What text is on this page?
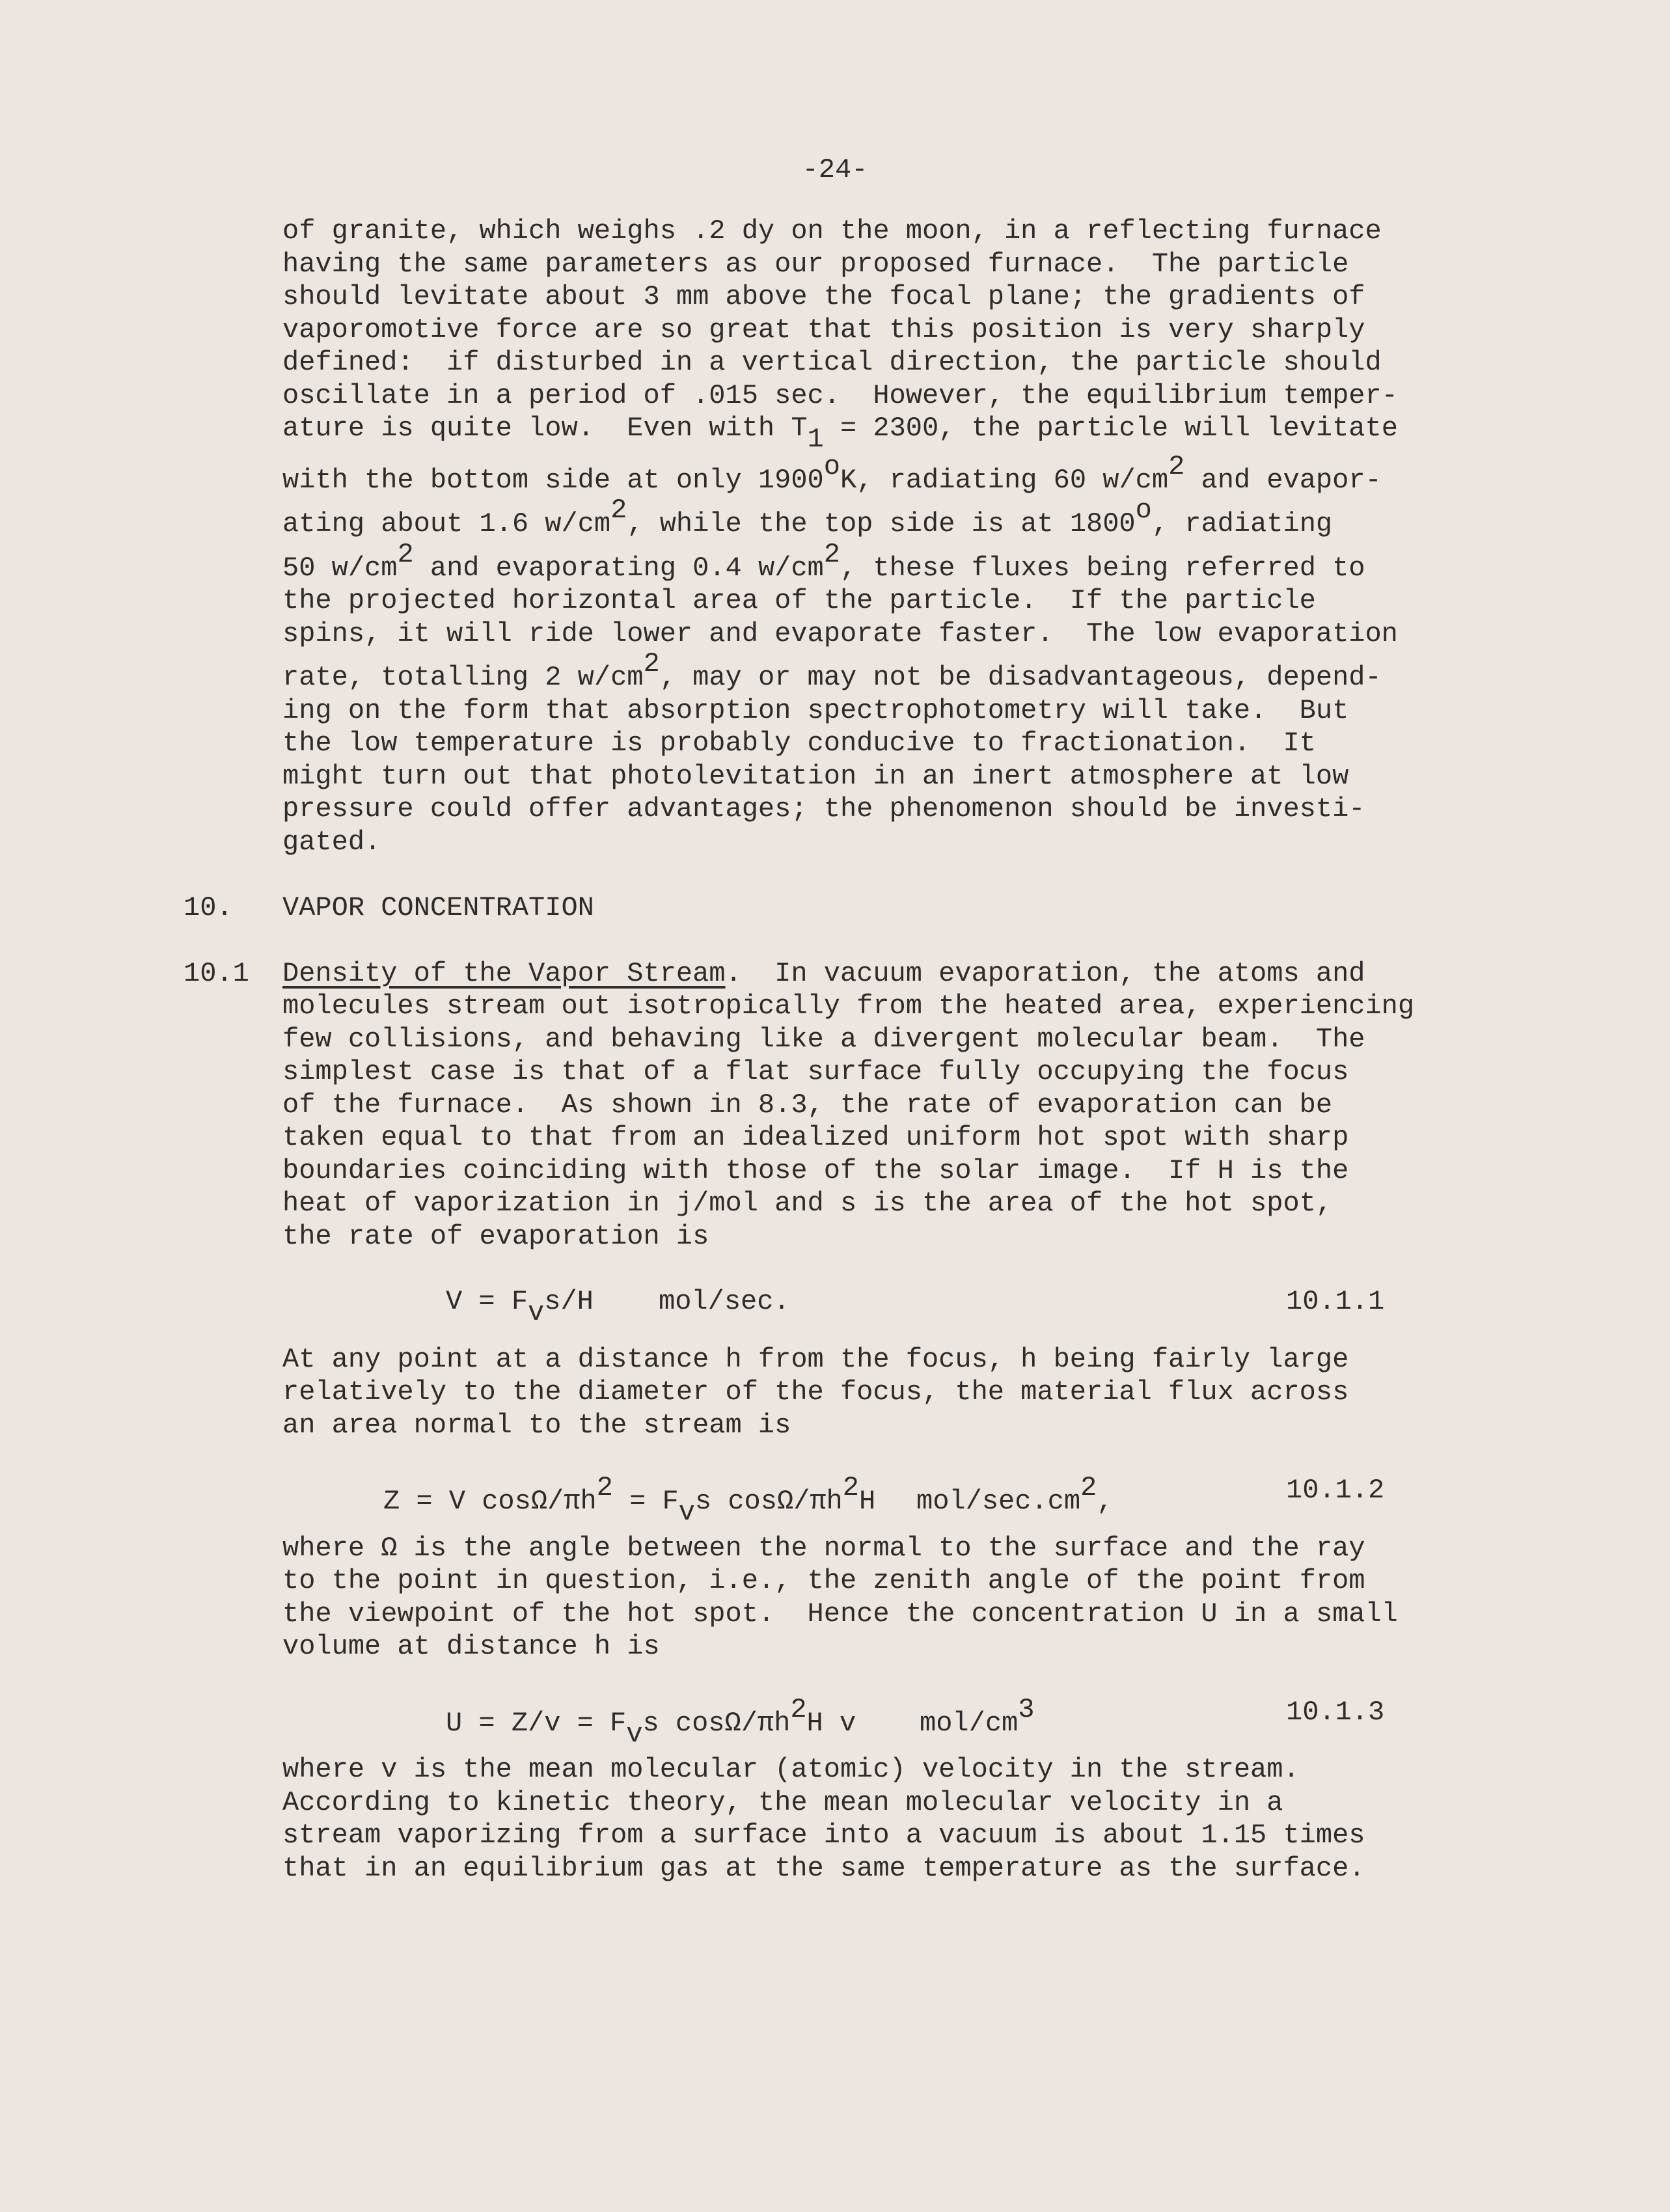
-24-
of granite, which weighs .2 dy on the moon, in a reflecting furnace
having the same parameters as our proposed furnace.  The particle
should levitate about 3 mm above the focal plane; the gradients of
vaporomotive force are so great that this position is very sharply
defined:  if disturbed in a vertical direction, the particle should
oscillate in a period of .015 sec.  However, the equilibrium temper-
ature is quite low.  Even with T1 = 2300, the particle will levitate
with the bottom side at only 1900oK, radiating 60 w/cm2 and evapor-
ating about 1.6 w/cm2, while the top side is at 1800o, radiating
50 w/cm2 and evaporating 0.4 w/cm2, these fluxes being referred to
the projected horizontal area of the particle.  If the particle
spins, it will ride lower and evaporate faster.  The low evaporation
rate, totalling 2 w/cm2, may or may not be disadvantageous, depend-
ing on the form that absorption spectrophotometry will take.  But
the low temperature is probably conducive to fractionation.  It
might turn out that photolevitation in an inert atmosphere at low
pressure could offer advantages; the phenomenon should be investi-
gated.
10. VAPOR CONCENTRATION
10.1 Density of the Vapor Stream.  In vacuum evaporation, the atoms and
molecules stream out isotropically from the heated area, experiencing
few collisions, and behaving like a divergent molecular beam.  The
simplest case is that of a flat surface fully occupying the focus
of the furnace.  As shown in 8.3, the rate of evaporation can be
taken equal to that from an idealized uniform hot spot with sharp
boundaries coinciding with those of the solar image.  If H is the
heat of vaporization in j/mol and s is the area of the hot spot,
the rate of evaporation is
V = Fvs/H mol/sec.	10.1.1
At any point at a distance h from the focus, h being fairly large
relatively to the diameter of the focus, the material flux across
an area normal to the stream is
Z = V cosΩ/πh2 = Fvs cosΩ/πh2H mol/sec.cm2,	10.1.2
where Ω is the angle between the normal to the surface and the ray
to the point in question, i.e., the zenith angle of the point from
the viewpoint of the hot spot.  Hence the concentration U in a small
volume at distance h is
U = Z/v = Fvs cosΩ/πh2H v mol/cm3	10.1.3
where v is the mean molecular (atomic) velocity in the stream.
According to kinetic theory, the mean molecular velocity in a
stream vaporizing from a surface into a vacuum is about 1.15 times
that in an equilibrium gas at the same temperature as the surface.
